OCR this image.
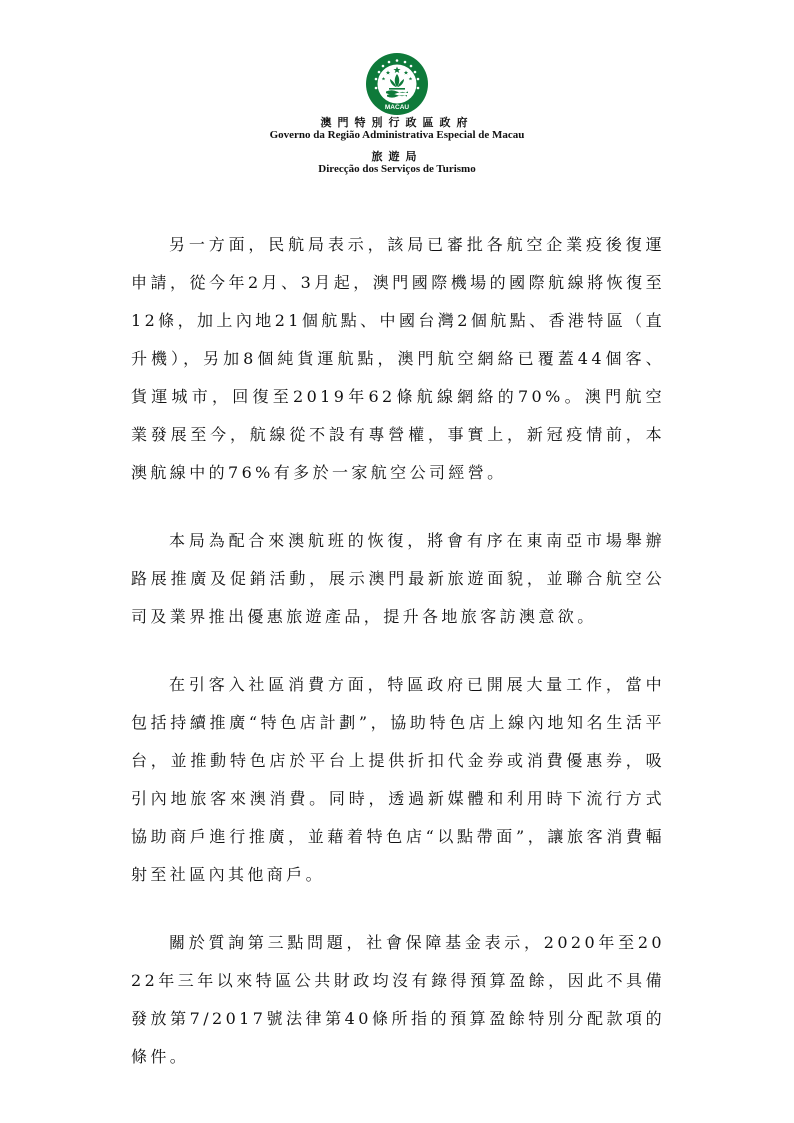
MACAU
澳門特別行政區政府
Governo da Região Administrativa Especial de Macau
旅遊局
Direcção dos Serviços de Turismo

另一方面，民航局表示，該局已審批各航空企業疫後復運申請，從今年2月、3月起，澳門國際機場的國際航線將恢復至12條，加上內地21個航點、中國台灣2個航點、香港特區（直升機），另加8個純貨運航點，澳門航空網絡已覆蓋44個客、貨運城市，回復至2019年62條航線網絡的70%。澳門航空業發展至今，航線從不設有專營權，事實上，新冠疫情前，本澳航線中的76%有多於一家航空公司經營。

本局為配合來澳航班的恢復，將會有序在東南亞市場舉辦路展推廣及促銷活動，展示澳門最新旅遊面貌，並聯合航空公司及業界推出優惠旅遊產品，提升各地旅客訪澳意欲。

在引客入社區消費方面，特區政府已開展大量工作，當中包括持續推廣“特色店計劃”，協助特色店上線內地知名生活平台，並推動特色店於平台上提供折扣代金券或消費優惠券，吸引內地旅客來澳消費。同時，透過新媒體和利用時下流行方式協助商戶進行推廣，並藉着特色店“以點帶面”，讓旅客消費輻射至社區內其他商戶。

關於質詢第三點問題，社會保障基金表示，2020年至2022年三年以來特區公共財政均沒有錄得預算盈餘，因此不具備發放第7/2017號法律第40條所指的預算盈餘特別分配款項的條件。
